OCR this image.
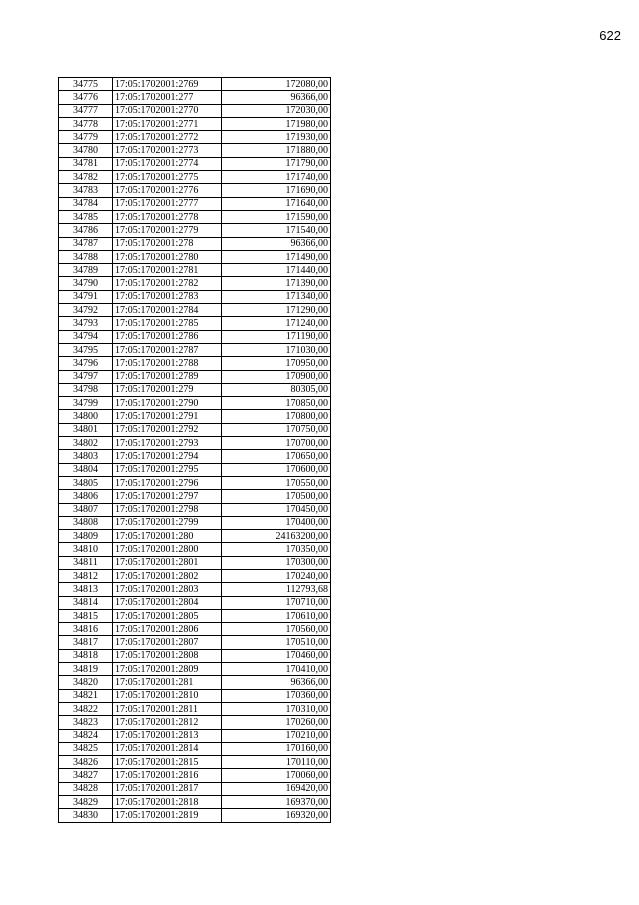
622
34775	17:05:1702001:2769	172080,00
34776	17:05:1702001:277	96366,00
34777	17:05:1702001:2770	172030,00
34778	17:05:1702001:2771	171980,00
34779	17:05:1702001:2772	171930,00
34780	17:05:1702001:2773	171880,00
34781	17:05:1702001:2774	171790,00
34782	17:05:1702001:2775	171740,00
34783	17:05:1702001:2776	171690,00
34784	17:05:1702001:2777	171640,00
34785	17:05:1702001:2778	171590,00
34786	17:05:1702001:2779	171540,00
34787	17:05:1702001:278	96366,00
34788	17:05:1702001:2780	171490,00
34789	17:05:1702001:2781	171440,00
34790	17:05:1702001:2782	171390,00
34791	17:05:1702001:2783	171340,00
34792	17:05:1702001:2784	171290,00
34793	17:05:1702001:2785	171240,00
34794	17:05:1702001:2786	171190,00
34795	17:05:1702001:2787	171030,00
34796	17:05:1702001:2788	170950,00
34797	17:05:1702001:2789	170900,00
34798	17:05:1702001:279	80305,00
34799	17:05:1702001:2790	170850,00
34800	17:05:1702001:2791	170800,00
34801	17:05:1702001:2792	170750,00
34802	17:05:1702001:2793	170700,00
34803	17:05:1702001:2794	170650,00
34804	17:05:1702001:2795	170600,00
34805	17:05:1702001:2796	170550,00
34806	17:05:1702001:2797	170500,00
34807	17:05:1702001:2798	170450,00
34808	17:05:1702001:2799	170400,00
34809	17:05:1702001:280	24163200,00
34810	17:05:1702001:2800	170350,00
34811	17:05:1702001:2801	170300,00
34812	17:05:1702001:2802	170240,00
34813	17:05:1702001:2803	112793,68
34814	17:05:1702001:2804	170710,00
34815	17:05:1702001:2805	170610,00
34816	17:05:1702001:2806	170560,00
34817	17:05:1702001:2807	170510,00
34818	17:05:1702001:2808	170460,00
34819	17:05:1702001:2809	170410,00
34820	17:05:1702001:281	96366,00
34821	17:05:1702001:2810	170360,00
34822	17:05:1702001:2811	170310,00
34823	17:05:1702001:2812	170260,00
34824	17:05:1702001:2813	170210,00
34825	17:05:1702001:2814	170160,00
34826	17:05:1702001:2815	170110,00
34827	17:05:1702001:2816	170060,00
34828	17:05:1702001:2817	169420,00
34829	17:05:1702001:2818	169370,00
34830	17:05:1702001:2819	169320,00
